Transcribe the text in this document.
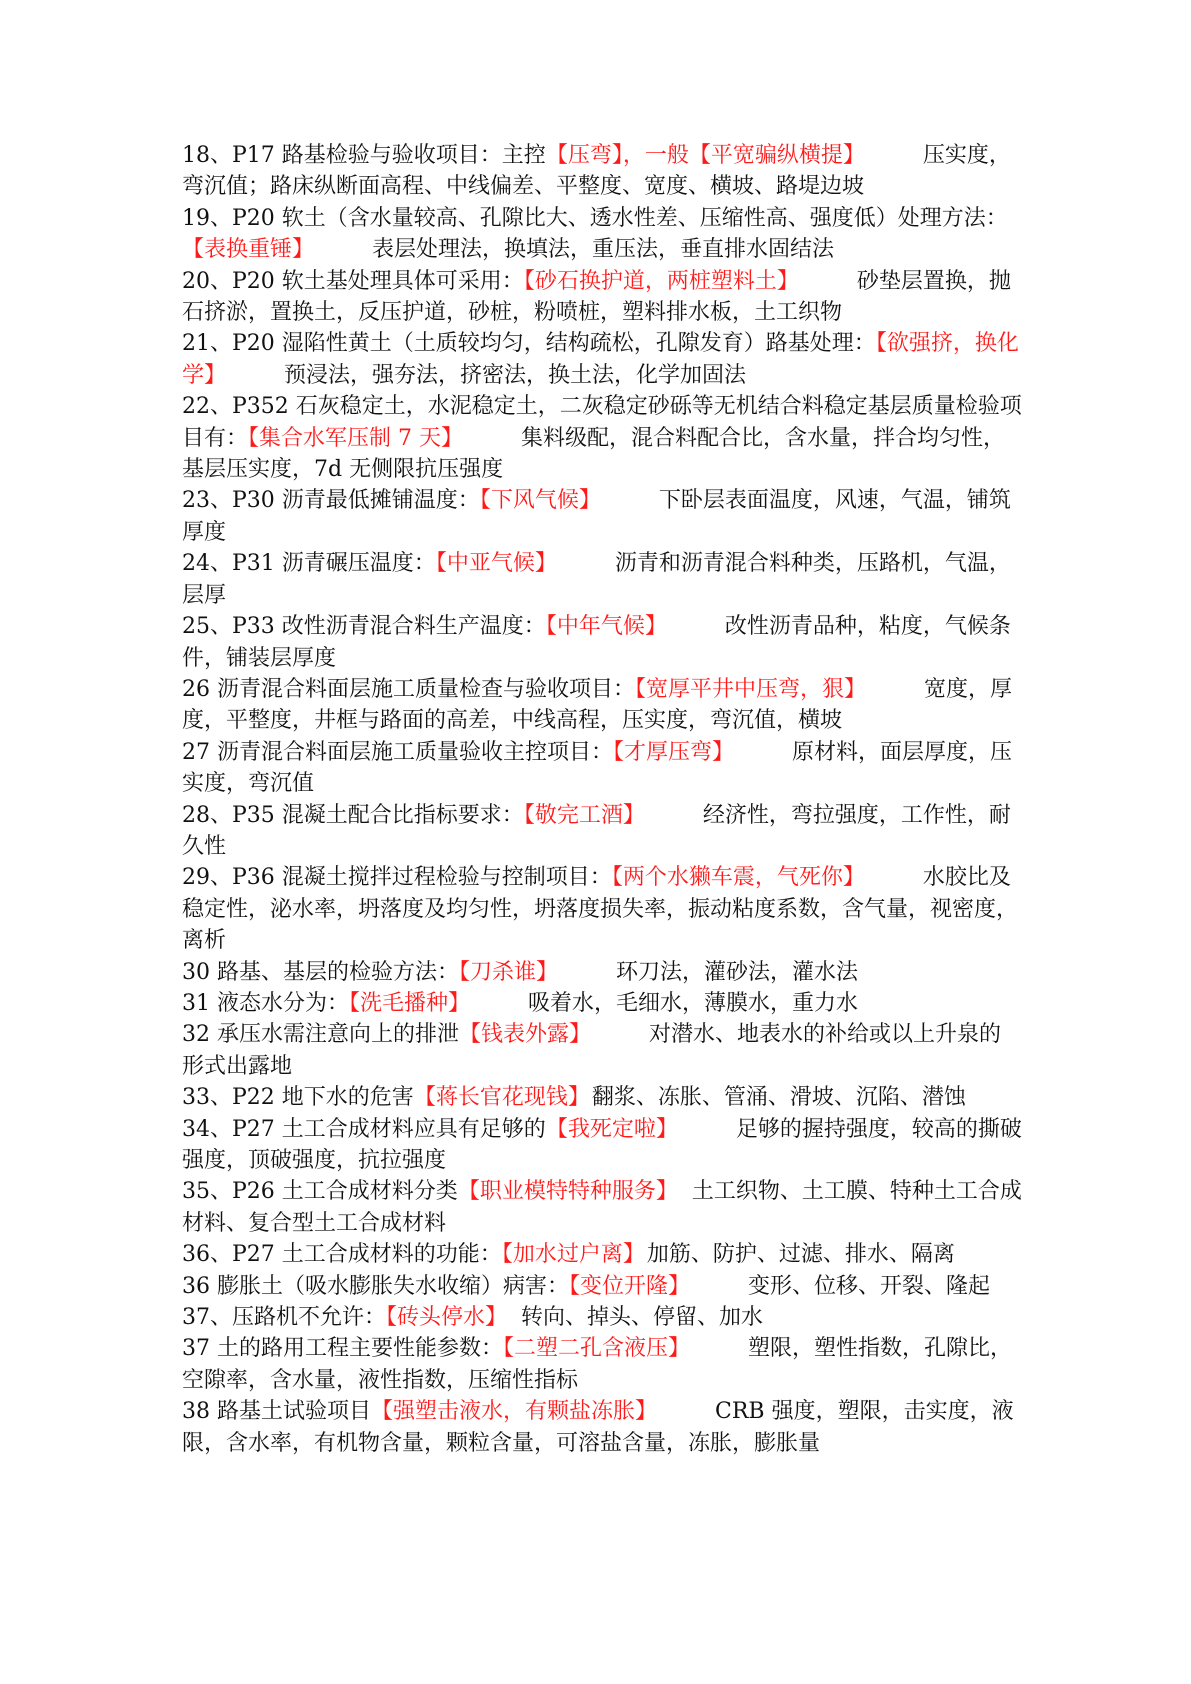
18、P17 路基检验与验收项目：主控【压弯】，一般【平宽骗纵横提】	压实度，弯沉值；路床纵断面高程、中线偏差、平整度、宽度、横坡、路堤边坡

19、P20 软土（含水量较高、孔隙比大、透水性差、压缩性高、强度低）处理方法：【表换重锤】	表层处理法，换填法，重压法，垂直排水固结法

20、P20 软土基处理具体可采用：【砂石换护道，两桩塑料土】	砂垫层置换，抛石挤淤，置换土，反压护道，砂桩，粉喷桩，塑料排水板，土工织物

21、P20 湿陷性黄土（土质较均匀，结构疏松，孔隙发育）路基处理：【欲强挤，换化学】	预浸法，强夯法，挤密法，换土法，化学加固法

22、P352 石灰稳定土，水泥稳定土，二灰稳定砂砾等无机结合料稳定基层质量检验项目有：【集合水军压制 7 天】	集料级配，混合料配合比，含水量，拌合均匀性，基层压实度，7d 无侧限抗压强度

23、P30 沥青最低摊铺温度：【下风气候】	下卧层表面温度，风速，气温，铺筑厚度

24、P31 沥青碾压温度：【中亚气候】	沥青和沥青混合料种类，压路机，气温，层厚

25、P33 改性沥青混合料生产温度：【中年气候】	改性沥青品种，粘度，气候条件，铺装层厚度

26 沥青混合料面层施工质量检查与验收项目：【宽厚平井中压弯，狠】	宽度，厚度，平整度，井框与路面的高差，中线高程，压实度，弯沉值，横坡

27 沥青混合料面层施工质量验收主控项目：【才厚压弯】	原材料，面层厚度，压实度，弯沉值

28、P35 混凝土配合比指标要求：【敬完工酒】	经济性，弯拉强度，工作性，耐久性

29、P36 混凝土搅拌过程检验与控制项目：【两个水獭车震，气死你】	水胶比及稳定性，泌水率，坍落度及均匀性，坍落度损失率，振动粘度系数，含气量，视密度，离析

30 路基、基层的检验方法：【刀杀谁】	环刀法，灌砂法，灌水法

31 液态水分为：【洗毛播种】	吸着水，毛细水，薄膜水，重力水

32 承压水需注意向上的排泄【钱表外露】	对潜水、地表水的补给或以上升泉的形式出露地

33、P22 地下水的危害【蒋长官花现钱】翻浆、冻胀、管涌、滑坡、沉陷、潜蚀

34、P27 土工合成材料应具有足够的【我死定啦】	足够的握持强度，较高的撕破强度，顶破强度，抗拉强度

35、P26 土工合成材料分类【职业模特特种服务】 土工织物、土工膜、特种土工合成材料、复合型土工合成材料

36、P27 土工合成材料的功能：【加水过户离】加筋、防护、过滤、排水、隔离

36 膨胀土（吸水膨胀失水收缩）病害：【变位开隆】	变形、位移、开裂、隆起

37、压路机不允许：【砖头停水】 转向、掉头、停留、加水

37 土的路用工程主要性能参数：【二塑二孔含液压】	塑限，塑性指数，孔隙比，空隙率，含水量，液性指数，压缩性指标

38 路基土试验项目【强塑击液水，有颗盐冻胀】	CRB 强度，塑限，击实度，液限，含水率，有机物含量，颗粒含量，可溶盐含量，冻胀，膨胀量
